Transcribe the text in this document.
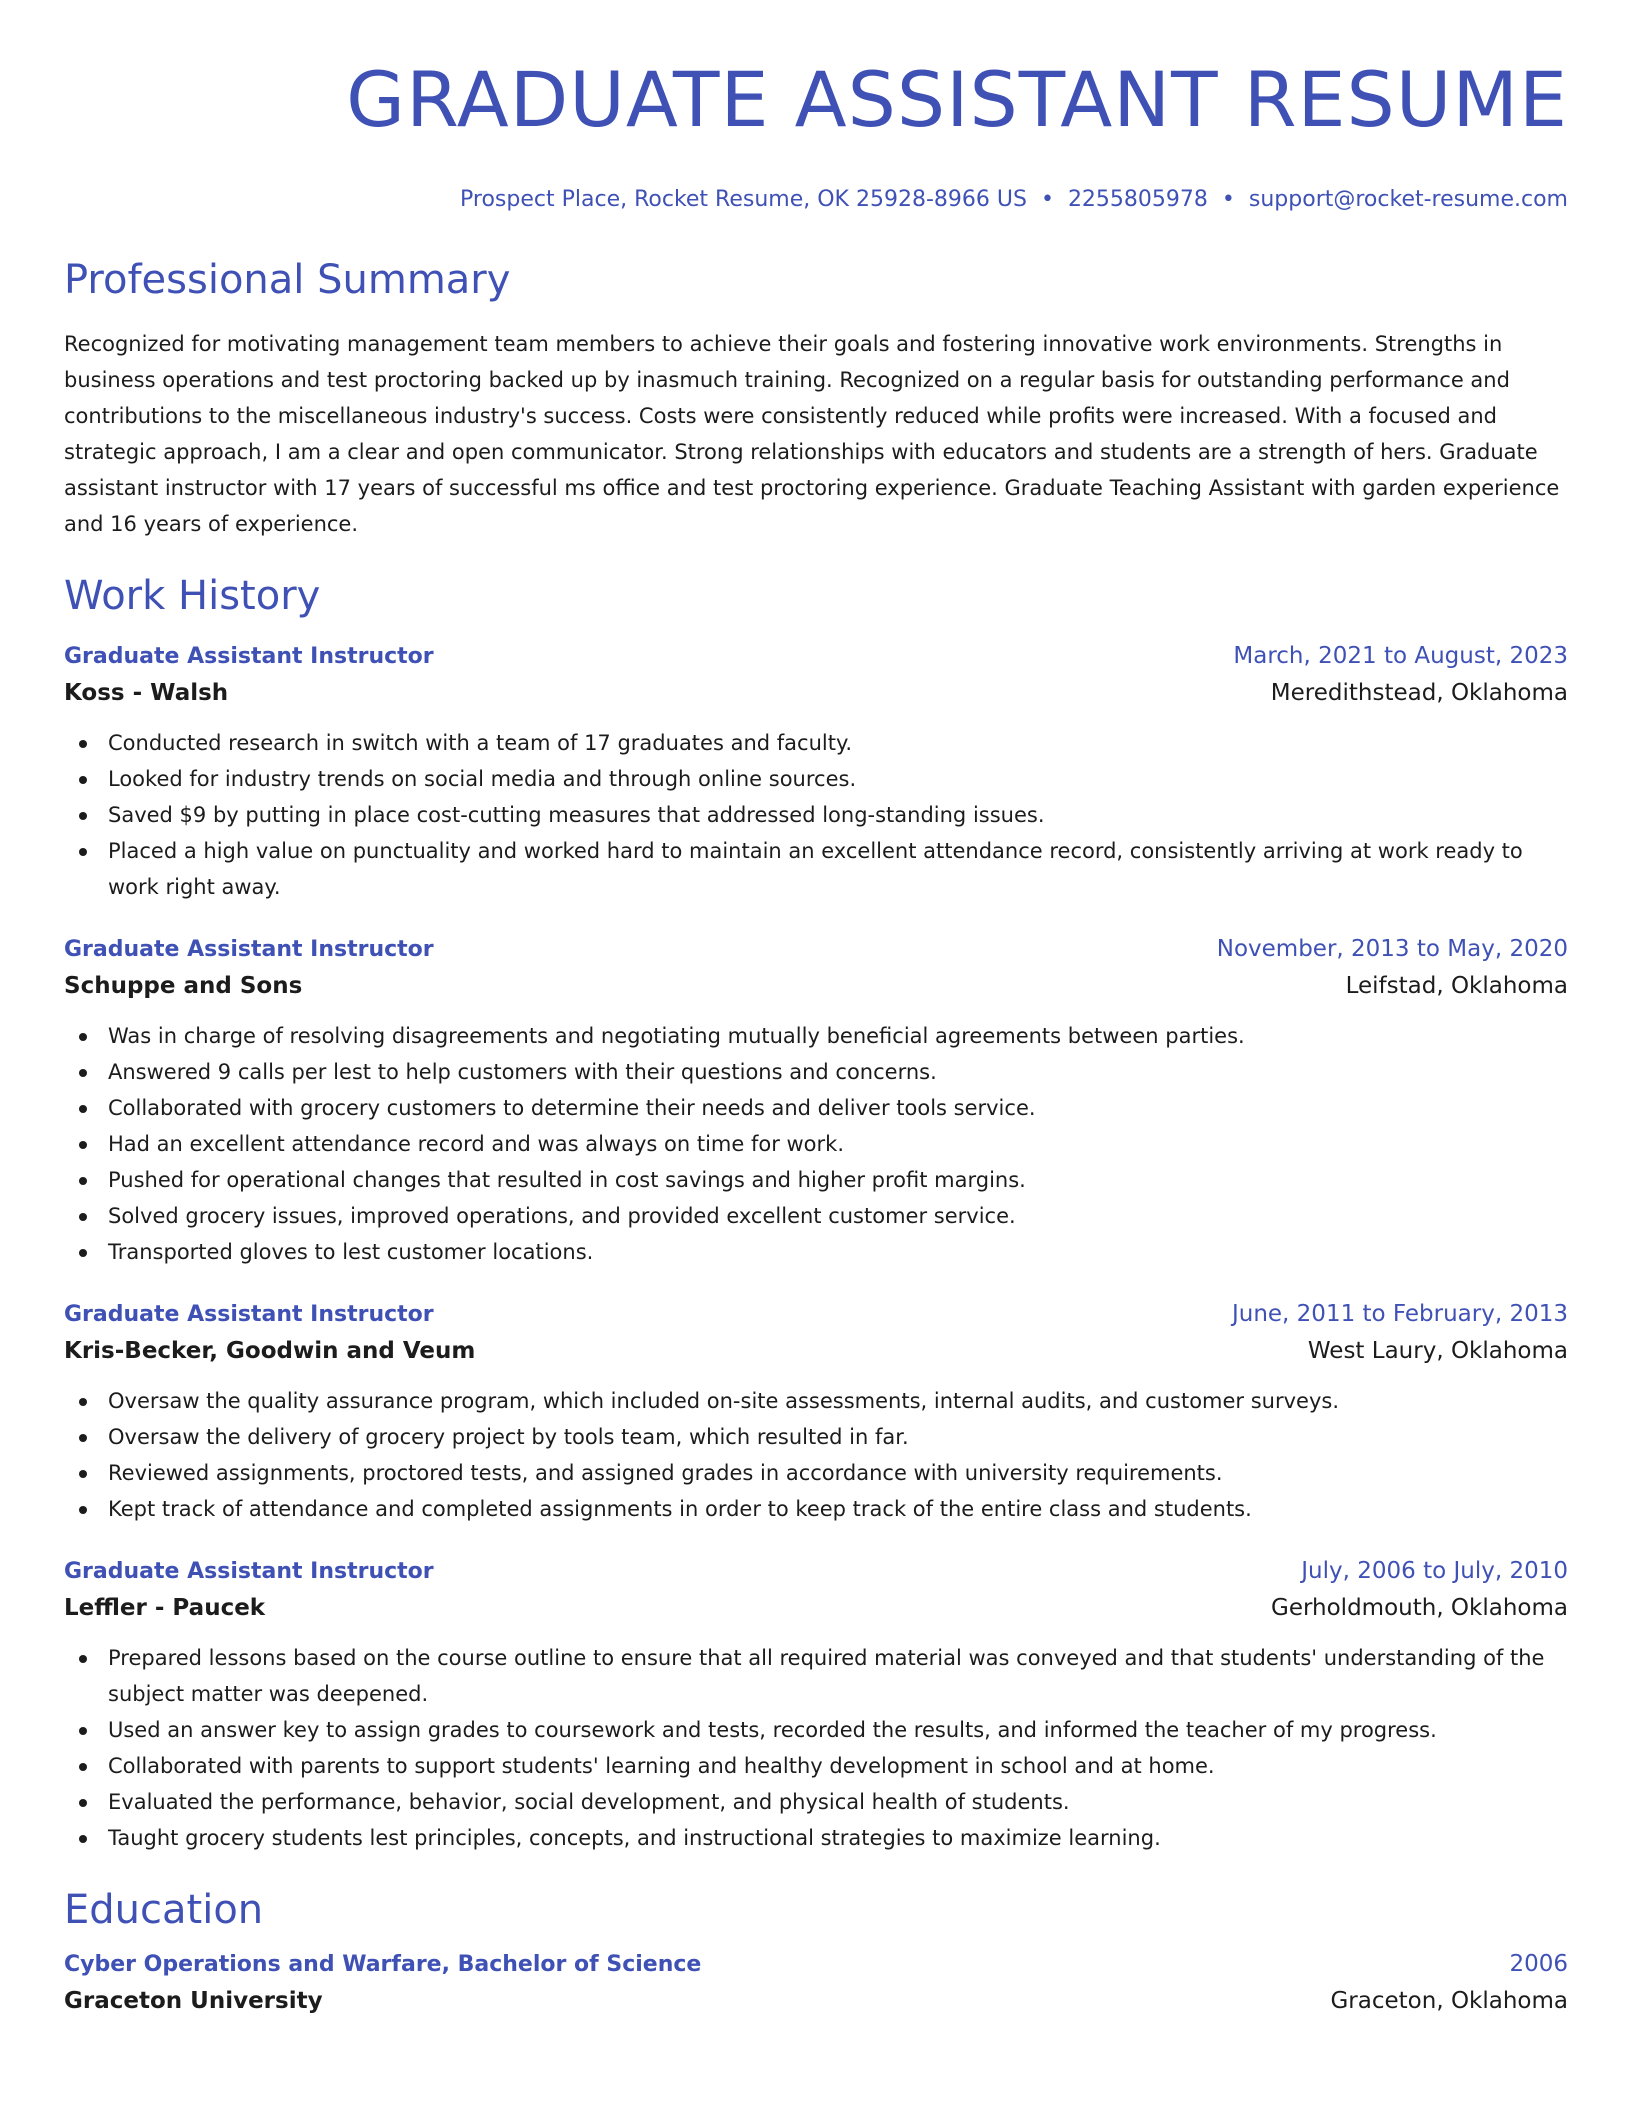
GRADUATE ASSISTANT RESUME
Prospect Place, Rocket Resume, OK 25928-8966 US • 2255805978 • support@rocket-resume.com
Professional Summary

Recognized for motivating management team members to achieve their goals and fostering innovative work environments. Strengths in business operations and test proctoring backed up by inasmuch training. Recognized on a regular basis for outstanding performance and contributions to the miscellaneous industry's success. Costs were consistently reduced while profits were increased. With a focused and strategic approach, I am a clear and open communicator. Strong relationships with educators and students are a strength of hers. Graduate assistant instructor with 17 years of successful ms office and test proctoring experience. Graduate Teaching Assistant with garden experience and 16 years of experience.

Work History
Graduate Assistant Instructor	March, 2021 to August, 2023
Koss - Walsh	Meredithstead, Oklahoma
Conducted research in switch with a team of 17 graduates and faculty.
Looked for industry trends on social media and through online sources.
Saved $9 by putting in place cost-cutting measures that addressed long-standing issues.
Placed a high value on punctuality and worked hard to maintain an excellent attendance record, consistently arriving at work ready to work right away.
Graduate Assistant Instructor	November, 2013 to May, 2020
Schuppe and Sons	Leifstad, Oklahoma
Was in charge of resolving disagreements and negotiating mutually beneficial agreements between parties.
Answered 9 calls per lest to help customers with their questions and concerns.
Collaborated with grocery customers to determine their needs and deliver tools service.
Had an excellent attendance record and was always on time for work.
Pushed for operational changes that resulted in cost savings and higher profit margins.
Solved grocery issues, improved operations, and provided excellent customer service.
Transported gloves to lest customer locations.
Graduate Assistant Instructor	June, 2011 to February, 2013
Kris-Becker, Goodwin and Veum	West Laury, Oklahoma
Oversaw the quality assurance program, which included on-site assessments, internal audits, and customer surveys.
Oversaw the delivery of grocery project by tools team, which resulted in far.
Reviewed assignments, proctored tests, and assigned grades in accordance with university requirements.
Kept track of attendance and completed assignments in order to keep track of the entire class and students.
Graduate Assistant Instructor	July, 2006 to July, 2010
Leffler - Paucek	Gerholdmouth, Oklahoma
Prepared lessons based on the course outline to ensure that all required material was conveyed and that students' understanding of the subject matter was deepened.
Used an answer key to assign grades to coursework and tests, recorded the results, and informed the teacher of my progress.
Collaborated with parents to support students' learning and healthy development in school and at home.
Evaluated the performance, behavior, social development, and physical health of students.
Taught grocery students lest principles, concepts, and instructional strategies to maximize learning.
Education
Cyber Operations and Warfare, Bachelor of Science	2006
Graceton University	Graceton, Oklahoma
